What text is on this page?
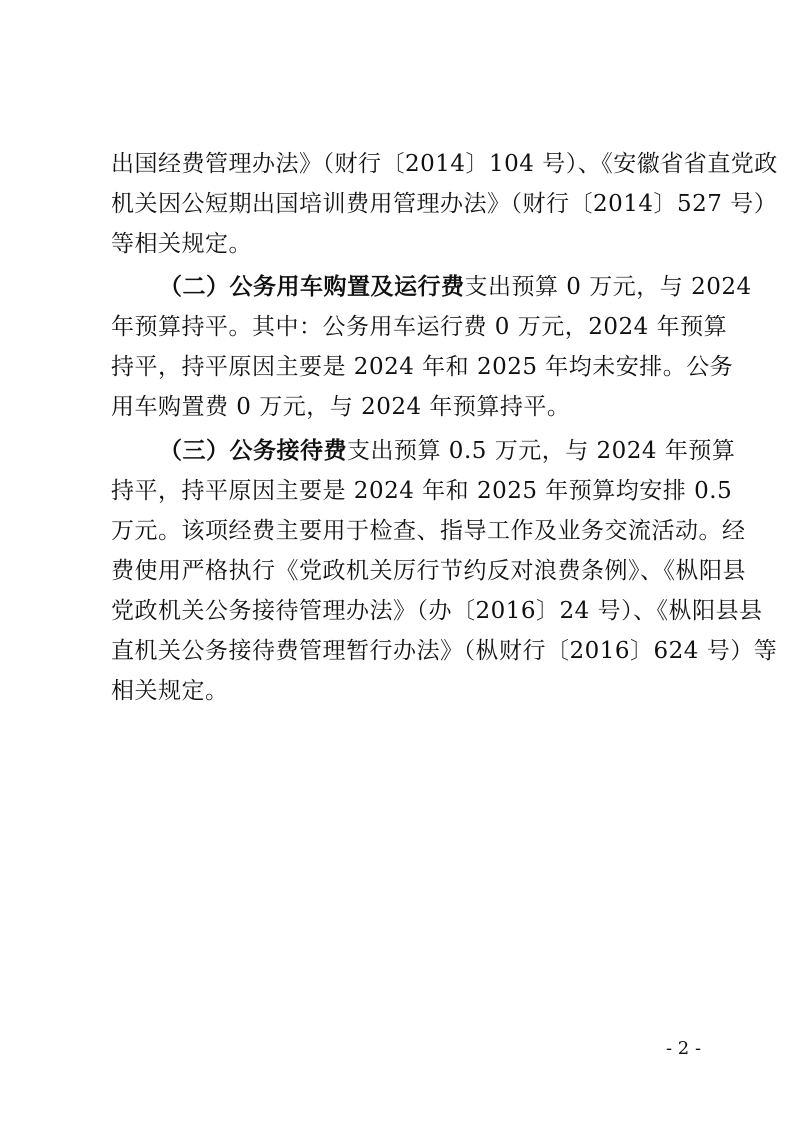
出国经费管理办法》（财行〔2014〕104 号）、《安徽省省直党政
机关因公短期出国培训费用管理办法》（财行〔2014〕527 号）
等相关规定。
（二）公务用车购置及运行费支出预算 0 万元，与 2024
年预算持平。其中：公务用车运行费 0 万元，2024 年预算
持平，持平原因主要是 2024 年和 2025 年均未安排。公务
用车购置费 0 万元，与 2024 年预算持平。
（三）公务接待费支出预算 0.5 万元，与 2024 年预算
持平，持平原因主要是 2024 年和 2025 年预算均安排 0.5
万元。该项经费主要用于检查、指导工作及业务交流活动。经
费使用严格执行《党政机关厉行节约反对浪费条例》、《枞阳县
党政机关公务接待管理办法》（办〔2016〕24 号）、《枞阳县县
直机关公务接待费管理暂行办法》（枞财行〔2016〕624 号）等
相关规定。
- 2 -
